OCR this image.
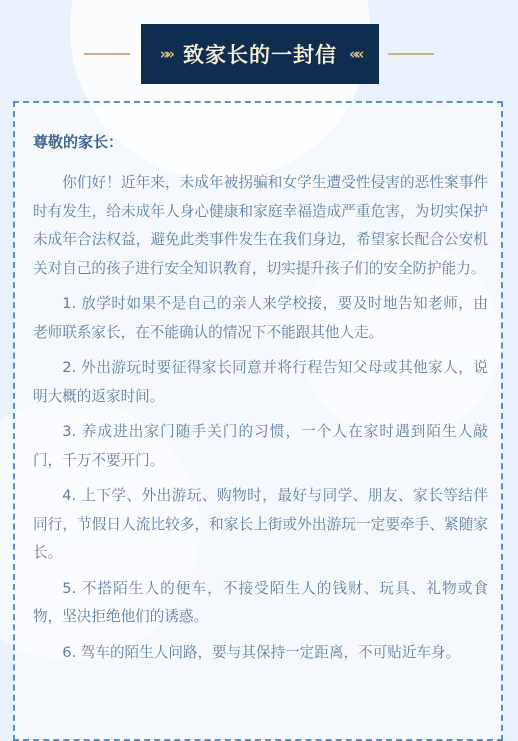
»» 致家长的一封信 ««
尊敬的家长：

你们好！近年来，未成年被拐骗和女学生遭受性侵害的恶性案事件时有发生，给未成年人身心健康和家庭幸福造成严重危害，为切实保护未成年合法权益，避免此类事件发生在我们身边，希望家长配合公安机关对自己的孩子进行安全知识教育，切实提升孩子们的安全防护能力。

1. 放学时如果不是自己的亲人来学校接，要及时地告知老师，由老师联系家长，在不能确认的情况下不能跟其他人走。

2. 外出游玩时要征得家长同意并将行程告知父母或其他家人，说明大概的返家时间。

3. 养成进出家门随手关门的习惯，一个人在家时遇到陌生人敲门，千万不要开门。

4. 上下学、外出游玩、购物时，最好与同学、朋友、家长等结伴同行，节假日人流比较多，和家长上街或外出游玩一定要牵手、紧随家长。

5. 不搭陌生人的便车，不接受陌生人的钱财、玩具、礼物或食物，坚决拒绝他们的诱惑。

6. 驾车的陌生人问路，要与其保持一定距离，不可贴近车身。
